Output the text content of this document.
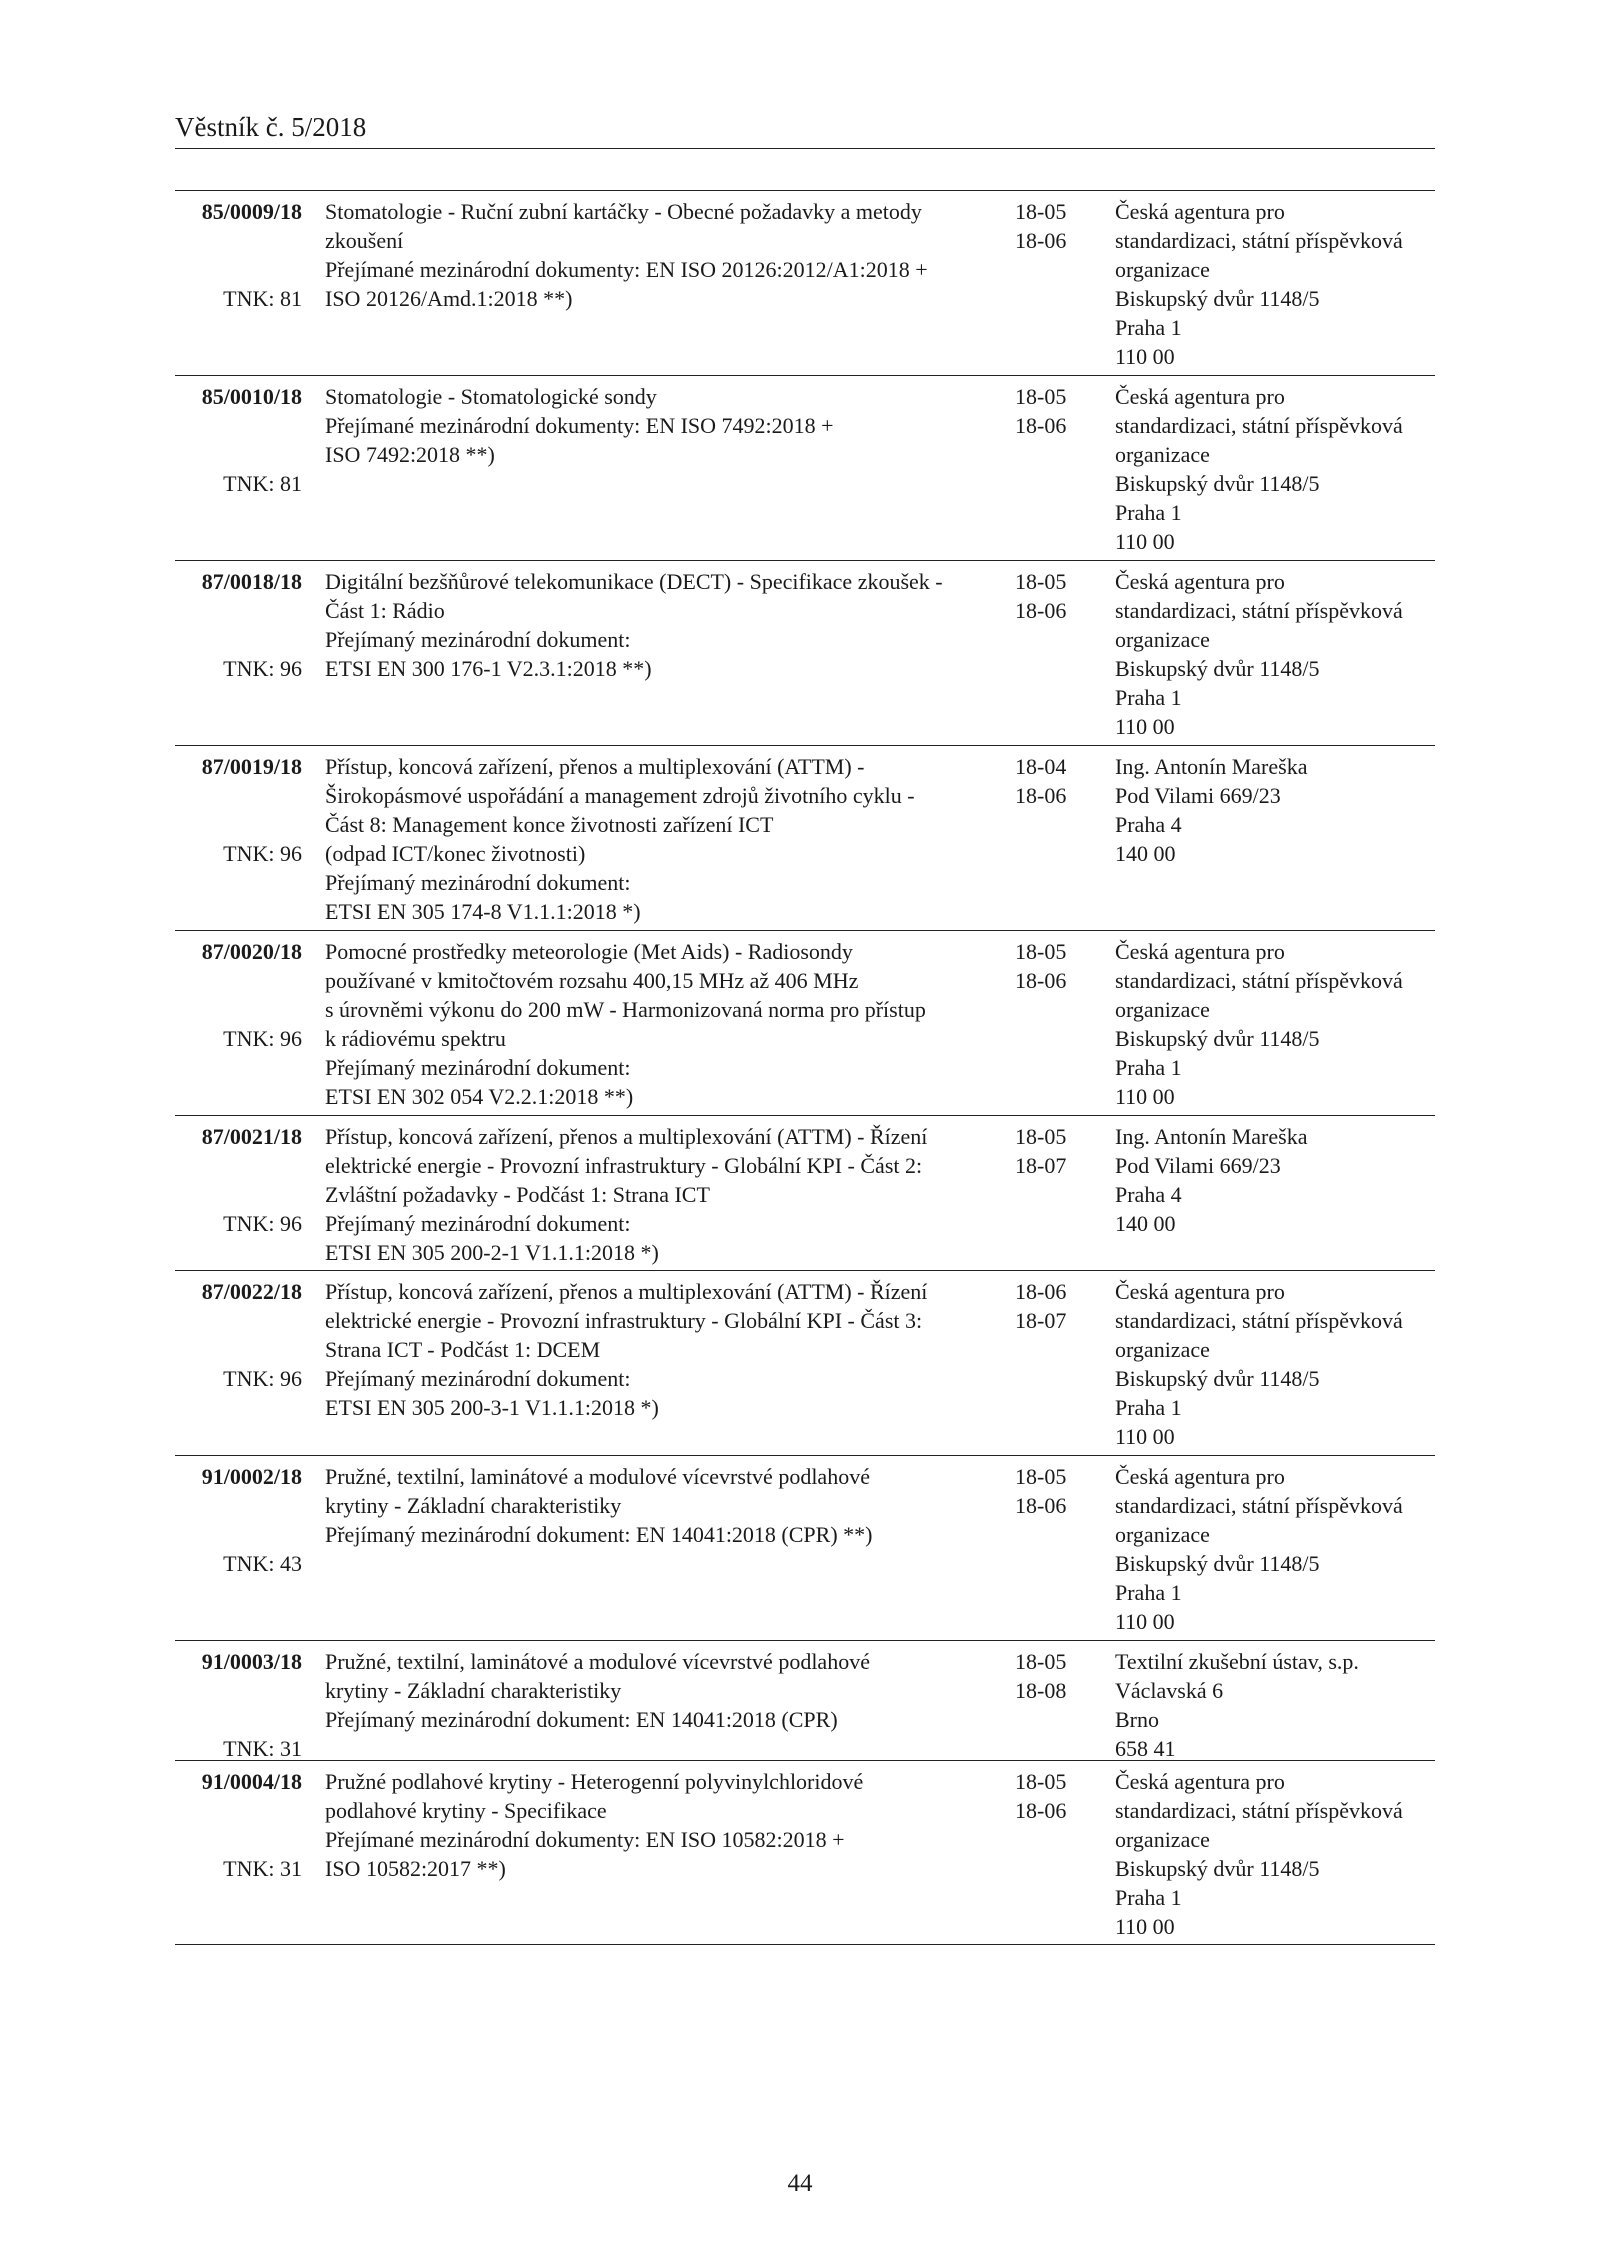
Věstník č. 5/2018
85/0009/18
TNK: 81
Stomatologie - Ruční zubní kartáčky - Obecné požadavky a metody
zkoušení
Přejímané mezinárodní dokumenty: EN ISO 20126:2012/A1:2018 +
ISO 20126/Amd.1:2018 **)
18-05
18-06
Česká agentura pro
standardizaci, státní příspěvková
organizace
Biskupský dvůr 1148/5
Praha 1
110 00
85/0010/18
TNK: 81
Stomatologie - Stomatologické sondy
Přejímané mezinárodní dokumenty: EN ISO 7492:2018 +
ISO 7492:2018 **)
18-05
18-06
Česká agentura pro
standardizaci, státní příspěvková
organizace
Biskupský dvůr 1148/5
Praha 1
110 00
87/0018/18
TNK: 96
Digitální bezšňůrové telekomunikace (DECT) - Specifikace zkoušek -
Část 1: Rádio
Přejímaný mezinárodní dokument:
ETSI EN 300 176-1 V2.3.1:2018 **)
18-05
18-06
Česká agentura pro
standardizaci, státní příspěvková
organizace
Biskupský dvůr 1148/5
Praha 1
110 00
87/0019/18
TNK: 96
Přístup, koncová zařízení, přenos a multiplexování (ATTM) -
Širokopásmové uspořádání a management zdrojů životního cyklu -
Část 8: Management konce životnosti zařízení ICT
(odpad ICT/konec životnosti)
Přejímaný mezinárodní dokument:
ETSI EN 305 174-8 V1.1.1:2018 *)
18-04
18-06
Ing. Antonín Mareška
Pod Vilami 669/23
Praha 4
140 00
87/0020/18
TNK: 96
Pomocné prostředky meteorologie (Met Aids) - Radiosondy
používané v kmitočtovém rozsahu 400,15 MHz až 406 MHz
s úrovněmi výkonu do 200 mW - Harmonizovaná norma pro přístup
k rádiovému spektru
Přejímaný mezinárodní dokument:
ETSI EN 302 054 V2.2.1:2018 **)
18-05
18-06
Česká agentura pro
standardizaci, státní příspěvková
organizace
Biskupský dvůr 1148/5
Praha 1
110 00
87/0021/18
TNK: 96
Přístup, koncová zařízení, přenos a multiplexování (ATTM) - Řízení
elektrické energie - Provozní infrastruktury - Globální KPI - Část 2:
Zvláštní požadavky - Podčást 1: Strana ICT
Přejímaný mezinárodní dokument:
ETSI EN 305 200-2-1 V1.1.1:2018 *)
18-05
18-07
Ing. Antonín Mareška
Pod Vilami 669/23
Praha 4
140 00
87/0022/18
TNK: 96
Přístup, koncová zařízení, přenos a multiplexování (ATTM) - Řízení
elektrické energie - Provozní infrastruktury - Globální KPI - Část 3:
Strana ICT - Podčást 1: DCEM
Přejímaný mezinárodní dokument:
ETSI EN 305 200-3-1 V1.1.1:2018 *)
18-06
18-07
Česká agentura pro
standardizaci, státní příspěvková
organizace
Biskupský dvůr 1148/5
Praha 1
110 00
91/0002/18
TNK: 43
Pružné, textilní, laminátové a modulové vícevrstvé podlahové
krytiny - Základní charakteristiky
Přejímaný mezinárodní dokument: EN 14041:2018 (CPR) **)
18-05
18-06
Česká agentura pro
standardizaci, státní příspěvková
organizace
Biskupský dvůr 1148/5
Praha 1
110 00
91/0003/18
TNK: 31
Pružné, textilní, laminátové a modulové vícevrstvé podlahové
krytiny - Základní charakteristiky
Přejímaný mezinárodní dokument: EN 14041:2018 (CPR)
18-05
18-08
Textilní zkušební ústav, s.p.
Václavská 6
Brno
658 41
91/0004/18
TNK: 31
Pružné podlahové krytiny - Heterogenní polyvinylchloridové
podlahové krytiny - Specifikace
Přejímané mezinárodní dokumenty: EN ISO 10582:2018 +
ISO 10582:2017 **)
18-05
18-06
Česká agentura pro
standardizaci, státní příspěvková
organizace
Biskupský dvůr 1148/5
Praha 1
110 00
44
